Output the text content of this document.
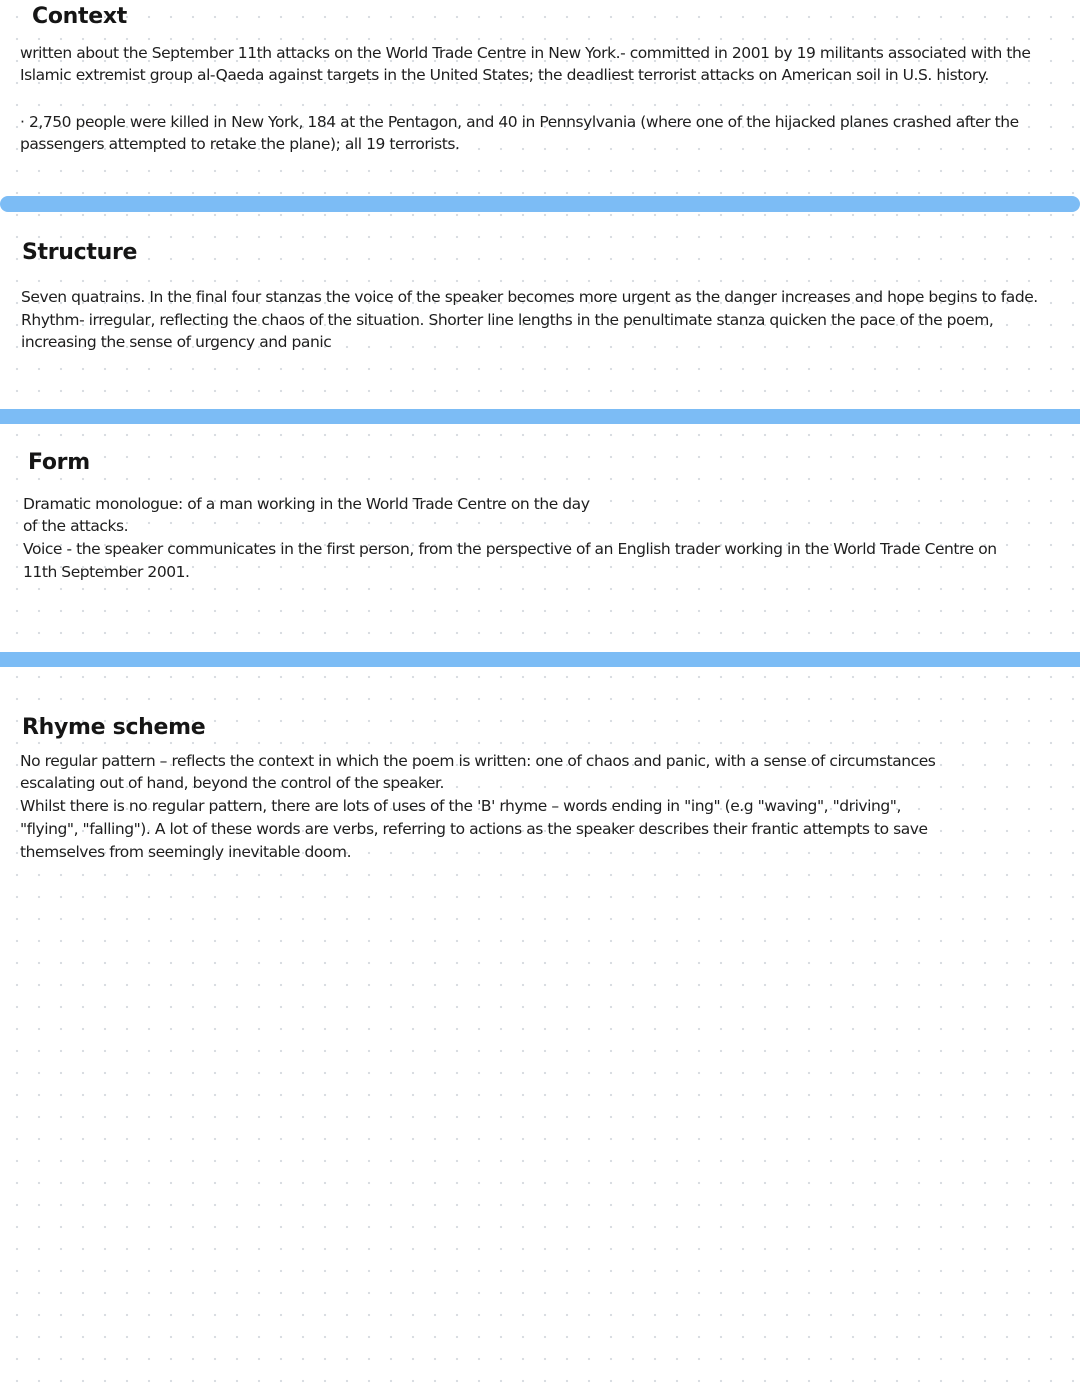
Context

written about the September 11th attacks on the World Trade Centre in New York.- committed in 2001 by 19 militants associated with the

Islamic extremist group al-Qaeda against targets in the United States; the deadliest terrorist attacks on American soil in U.S. history.

· 2,750 people were killed in New York, 184 at the Pentagon, and 40 in Pennsylvania (where one of the hijacked planes crashed after the

passengers attempted to retake the plane); all 19 terrorists.

Structure

Seven quatrains. In the final four stanzas the voice of the speaker becomes more urgent as the danger increases and hope begins to fade.

Rhythm- irregular, reflecting the chaos of the situation. Shorter line lengths in the penultimate stanza quicken the pace of the poem,

increasing the sense of urgency and panic

Form

Dramatic monologue: of a man working in the World Trade Centre on the day

of the attacks.

Voice - the speaker communicates in the first person, from the perspective of an English trader working in the World Trade Centre on

11th September 2001.

Rhyme scheme

No regular pattern – reflects the context in which the poem is written: one of chaos and panic, with a sense of circumstances

escalating out of hand, beyond the control of the speaker.

Whilst there is no regular pattern, there are lots of uses of the 'B' rhyme – words ending in "ing" (e.g "waving", "driving",

"flying", "falling"). A lot of these words are verbs, referring to actions as the speaker describes their frantic attempts to save

themselves from seemingly inevitable doom.
